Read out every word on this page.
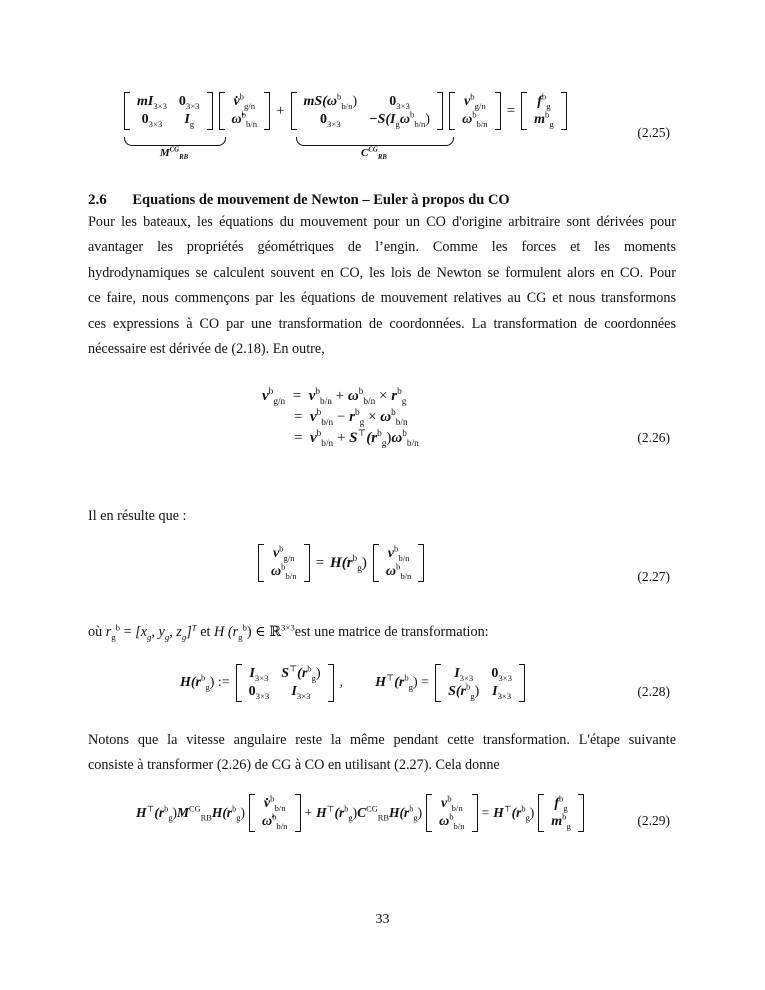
$mI_{3\times 3}$	$0_{3\times 3}$
$0_{3\times 3}$	$I_g$
v̇$^b_{g/n}$
ω̇$^b_{b/n}$
+
$mS(\omega^b_{b/n})$	$0_{3\times 3}$
$0_{3\times 3}$	$-S(I_g\omega^b_{b/n})$
$v^b_{g/n}$
$\omega^b_{b/n}$
=
$f^b_g$
$m^b_g$
$M^{CG}_{RB}$	$C^{CG}_{RB}$
(2.25)
2.6 Equations de mouvement de Newton – Euler à propos du CO
Pour les bateaux, les équations du mouvement pour un CO d'origine arbitraire sont dérivées pour
avantager les propriétés géométriques de l’engin. Comme les forces et les moments
hydrodynamiques se calculent souvent en CO, les lois de Newton se formulent alors en CO. Pour
ce faire, nous commençons par les équations de mouvement relatives au CG et nous transformons
ces expressions à CO par une transformation de coordonnées. La transformation de coordonnées
nécessaire est dérivée de (2.18). En outre,
$v^b_{g/n} = v^b_{b/n} + \omega^b_{b/n} \times r^b_g$
= $v^b_{b/n} - r^b_g \times \omega^b_{b/n}$
= $v^b_{b/n} + S^⊤(r^b_g)\omega^b_{b/n}$	(2.26)
Il en résulte que :
$v^b_{g/n}$
$\omega^b_{b/n}$
= $H(r^b_g)$
$v^b_{b/n}$
$\omega^b_{b/n}$	(2.27)
où $r_g^b = [x_g$, $y_g$, $z_g]^T$ et H $(r_g^b)$ ∈ ℝ$^{3\times 3}$est une matrice de transformation:
$H(r^b_g)$ :=
$I_{3\times 3}$	$S^⊤(r^b_g)$
$0_{3\times 3}$	$I_{3\times 3}$
, $H^⊤(r^b_g)$ =
$I_{3\times 3}$	$0_{3\times 3}$
$S(r^b_g)$	$I_{3\times 3}$	(2.28)
Notons que la vitesse angulaire reste la même pendant cette transformation. L'étape suivante
consiste à transformer (2.26) de CG à CO en utilisant (2.27). Cela donne
$H^⊤(r^b_g)M^{CG}_{RB}H(r^b_g)$
v̇$^b_{b/n}$
ω̇$^b_{b/n}$
+ $H^⊤(r^b_g)C^{CG}_{RB}H(r^b_g)$
$v^b_{b/n}$
$\omega^b_{b/n}$
= $H^⊤(r^b_g)$
$f^b_g$
$m^b_g$	(2.29)
33
